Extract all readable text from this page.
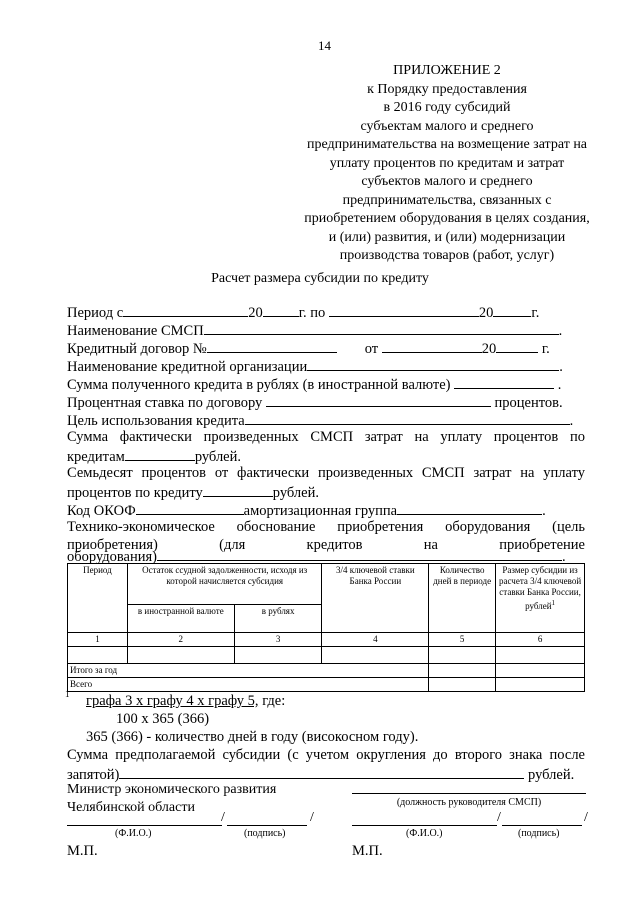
14
ПРИЛОЖЕНИЕ 2
к Порядку предоставления
в 2016 году субсидий
субъектам малого и среднего
предпринимательства на возмещение затрат на
уплату процентов по кредитам и затрат
субъектов малого и среднего
предпринимательства, связанных с
приобретением оборудования в целях создания,
и (или) развития, и (или) модернизации
производства товаров (работ, услуг)
Расчет размера субсидии по кредиту
Период с	20 г. по	20	г.
Наименование СМСП	.
Кредитный договор №	от	20	г.
Наименование кредитной организации	.
Сумма полученного кредита в рублях (в иностранной валюте)	.
Процентная ставка по договору	процентов.
Цель использования кредита	.
Сумма фактически произведенных СМСП затрат на уплату процентов по
кредитам	рублей.
Семьдесят процентов от фактически произведенных СМСП затрат на уплату
процентов по кредиту	рублей.
Код ОКОФ	амортизационная группа	.
Технико-экономическое обоснование приобретения оборудования (цель
приобретения)	(для	кредитов	на	приобретение
оборудования)	.
Период	Остаток ссудной задолженности, исходя из которой начисляется субсидия		3/4 ключевой ставки Банка России	Количество дней в периоде	Размер субсидии из расчета 3/4 ключевой ставки Банка России, рублей$^1$
	в иностранной валюте	в рублях			
1	2	3	4	5	6

Итого за год					
Всего					
1 графа 3 х графу 4 х графу 5, где:
100 х 365 (366)
365 (366) - количество дней в году (високосном году).
Сумма предполагаемой субсидии (с учетом округления до второго знака после
запятой)	рублей.
Министр экономического развития
Челябинской области	(должность руководителя СМСП)
/	/
(Ф.И.О.)	(подпись)
/	/
(Ф.И.О.)	(подпись)
М.П.	М.П.
